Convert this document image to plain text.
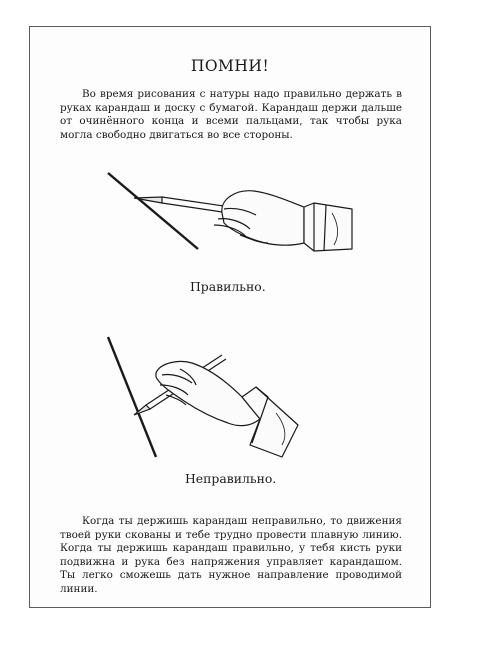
ПОМНИ!
Во время рисования с натуры надо правильно держать в руках карандаш и доску с бумагой. Карандаш держи дальше от очинённого конца и всеми пальцами, так чтобы рука могла свободно двигаться во все стороны.
Правильно.
Неправильно.
Когда ты держишь карандаш неправильно, то движения твоей руки скованы и тебе трудно провести плавную линию. Когда ты держишь карандаш правильно, у тебя кисть руки подвижна и рука без напряжения управляет карандашом. Ты легко сможешь дать нужное направление проводимой линии.
